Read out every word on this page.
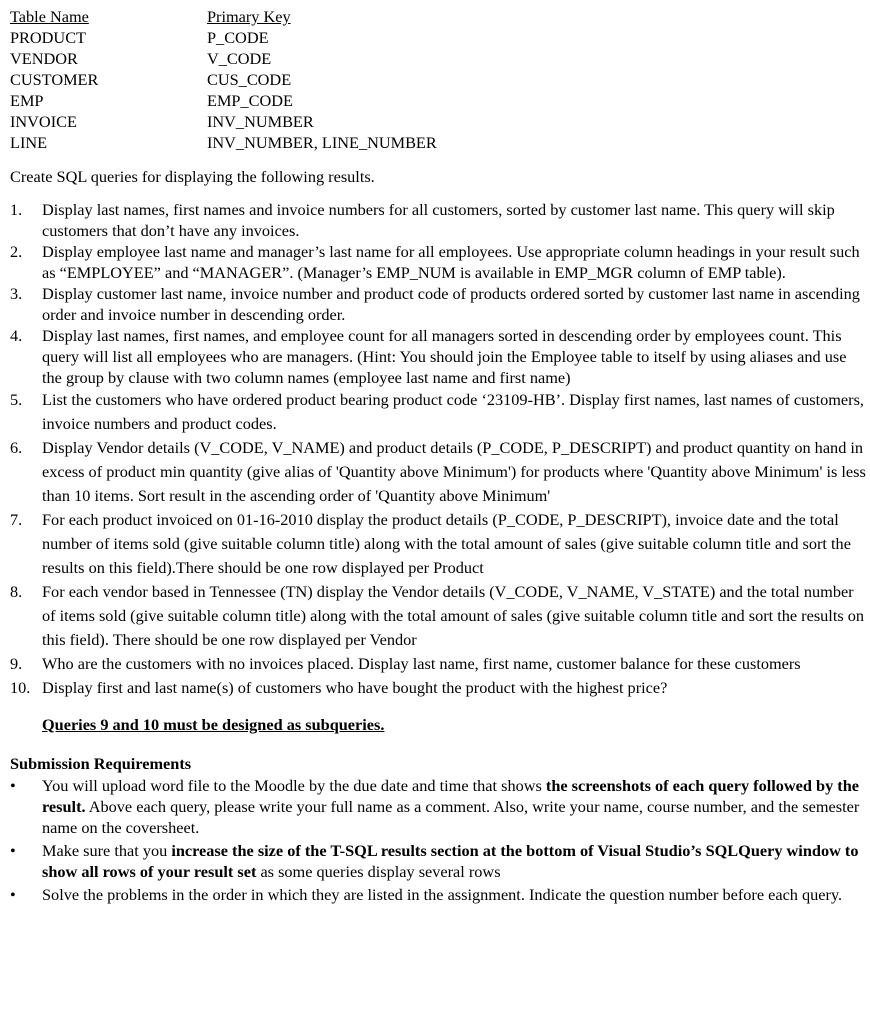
Table Name	Primary Key
PRODUCT	P_CODE
VENDOR	V_CODE
CUSTOMER	CUS_CODE
EMP	EMP_CODE
INVOICE	INV_NUMBER
LINE	INV_NUMBER, LINE_NUMBER
Create SQL queries for displaying the following results.
1.	Display last names, first names and invoice numbers for all customers, sorted by customer last name. This query will skip customers that don’t have any invoices.
2.	Display employee last name and manager’s last name for all employees. Use appropriate column headings in your result such as “EMPLOYEE” and “MANAGER”. (Manager’s EMP_NUM is available in EMP_MGR column of EMP table).
3.	Display customer last name, invoice number and product code of products ordered sorted by customer last name in ascending order and invoice number in descending order.
4.	Display last names, first names, and employee count for all managers sorted in descending order by employees count. This query will list all employees who are managers. (Hint: You should join the Employee table to itself by using aliases and use the group by clause with two column names (employee last name and first name)
5.	List the customers who have ordered product bearing product code ‘23109-HB’. Display first names, last names of customers, invoice numbers and product codes.
6.	Display Vendor details (V_CODE, V_NAME) and product details (P_CODE, P_DESCRIPT) and product quantity on hand in excess of product min quantity (give alias of 'Quantity above Minimum') for products where 'Quantity above Minimum' is less than 10 items. Sort result in the ascending order of 'Quantity above Minimum'
7.	For each product invoiced on 01-16-2010 display the product details (P_CODE, P_DESCRIPT), invoice date and the total number of items sold (give suitable column title) along with the total amount of sales (give suitable column title and sort the results on this field).There should be one row displayed per Product
8.	For each vendor based in Tennessee (TN) display the Vendor details (V_CODE, V_NAME, V_STATE) and the total number of items sold (give suitable column title) along with the total amount of sales (give suitable column title and sort the results on this field). There should be one row displayed per Vendor
9.	Who are the customers with no invoices placed. Display last name, first name, customer balance for these customers
10. Display first and last name(s) of customers who have bought the product with the highest price?
Queries 9 and 10 must be designed as subqueries.
Submission Requirements
•	You will upload word file to the Moodle by the due date and time that shows the screenshots of each query followed by the result. Above each query, please write your full name as a comment. Also, write your name, course number, and the semester name on the coversheet.
•	Make sure that you increase the size of the T-SQL results section at the bottom of Visual Studio’s SQLQuery window to show all rows of your result set as some queries display several rows
•	Solve the problems in the order in which they are listed in the assignment. Indicate the question number before each query.
